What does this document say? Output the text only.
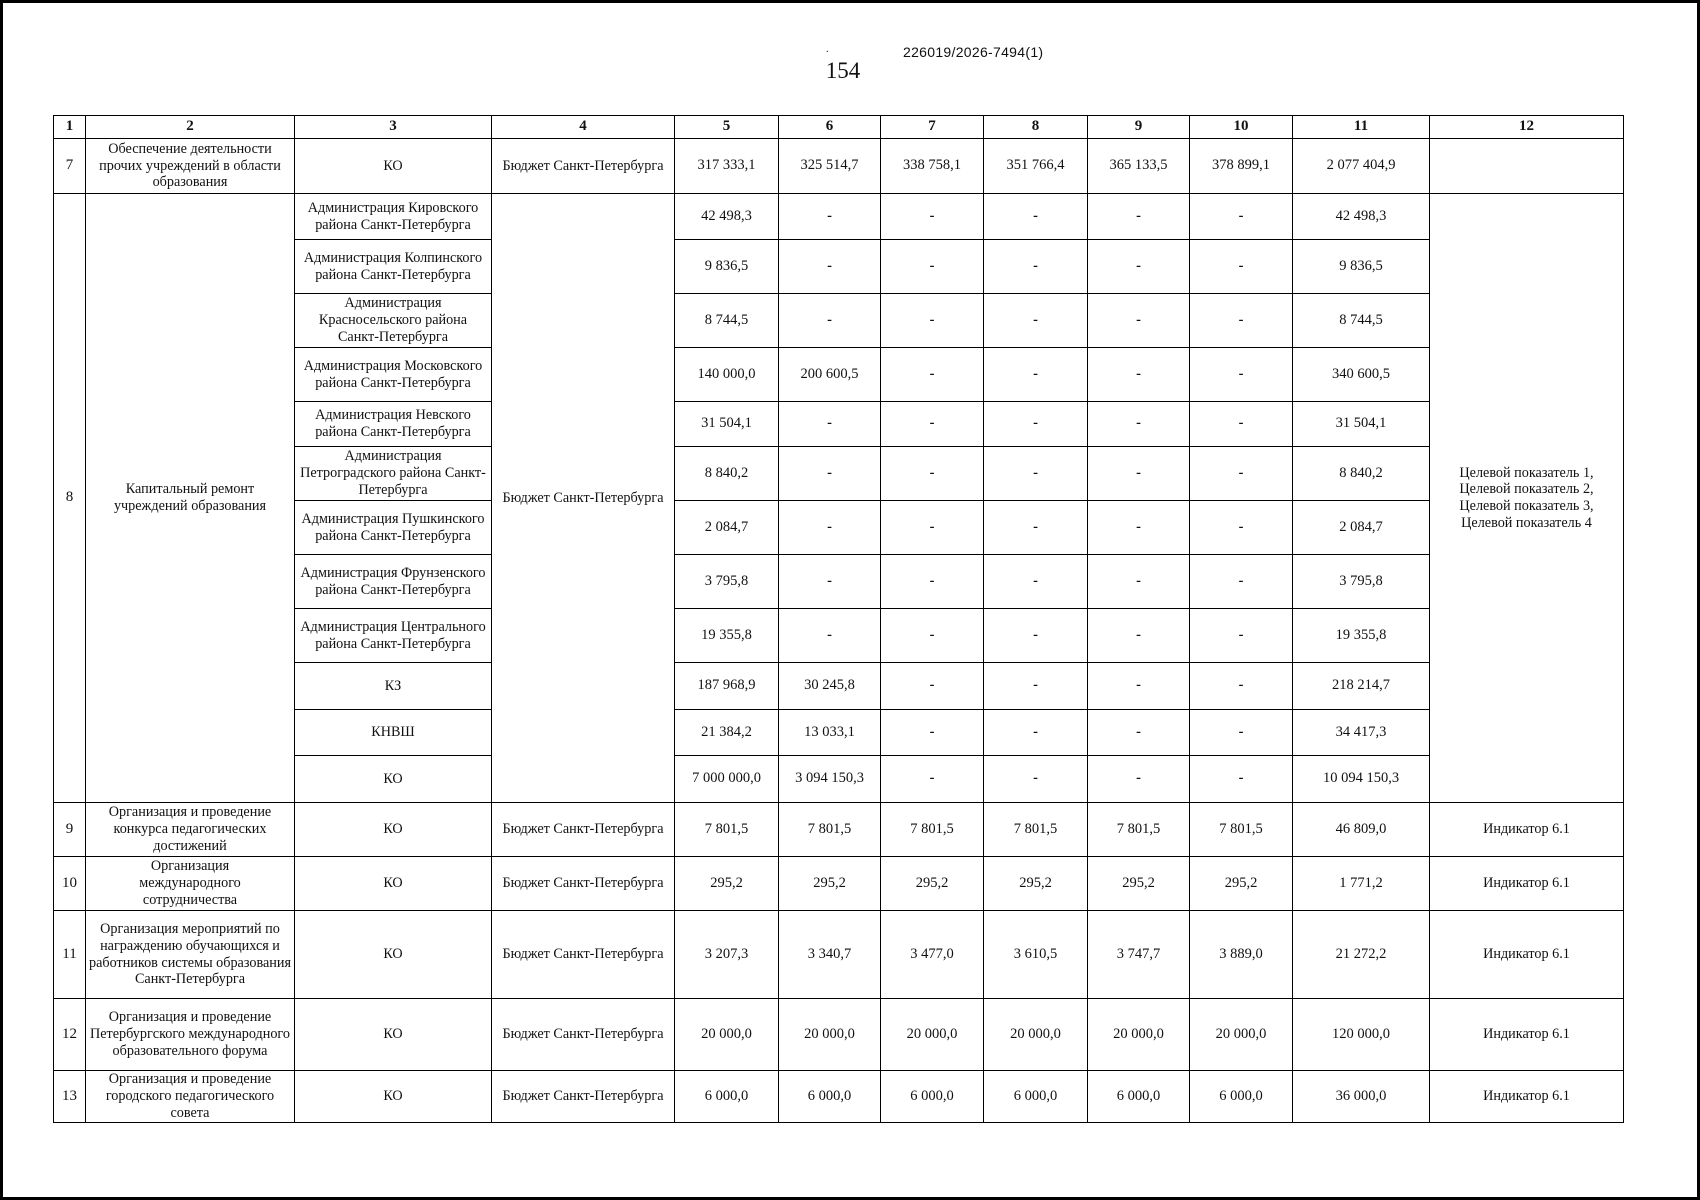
.	226019/2026-7494(1)
154
1	2	3	4	5	6	7	8	9	10	11	12
7	Обеспечение деятельности прочих учреждений в области образования	КО	Бюджет Санкт-Петербурга	317 333,1	325 514,7	338 758,1	351 766,4	365 133,5	378 899,1	2 077 404,9	
8	Капитальный ремонт учреждений образования	Администрация Кировского района Санкт-Петербурга	Бюджет Санкт-Петербурга	42 498,3	-	-	-	-	-	42 498,3	Целевой показатель 1, Целевой показатель 2, Целевой показатель 3, Целевой показатель 4
		Администрация Колпинского района Санкт-Петербурга		9 836,5	-	-	-	-	-	9 836,5	
		Администрация Красносельского района Санкт-Петербурга		8 744,5	-	-	-	-	-	8 744,5	
		Администрация Московского района Санкт-Петербурга		140 000,0	200 600,5	-	-	-	-	340 600,5	
		Администрация Невского района Санкт-Петербурга		31 504,1	-	-	-	-	-	31 504,1	
		Администрация Петроградского района Санкт-Петербурга		8 840,2	-	-	-	-	-	8 840,2	
		Администрация Пушкинского района Санкт-Петербурга		2 084,7	-	-	-	-	-	2 084,7	
		Администрация Фрунзенского района Санкт-Петербурга		3 795,8	-	-	-	-	-	3 795,8	
		Администрация Центрального района Санкт-Петербурга		19 355,8	-	-	-	-	-	19 355,8	
		КЗ		187 968,9	30 245,8	-	-	-	-	218 214,7	
		КНВШ		21 384,2	13 033,1	-	-	-	-	34 417,3	
		КО		7 000 000,0	3 094 150,3	-	-	-	-	10 094 150,3	
9	Организация и проведение конкурса педагогических достижений	КО	Бюджет Санкт-Петербурга	7 801,5	7 801,5	7 801,5	7 801,5	7 801,5	7 801,5	46 809,0	Индикатор 6.1
10	Организация международного сотрудничества	КО	Бюджет Санкт-Петербурга	295,2	295,2	295,2	295,2	295,2	295,2	1 771,2	Индикатор 6.1
11	Организация мероприятий по награждению обучающихся и работников системы образования Санкт-Петербурга	КО	Бюджет Санкт-Петербурга	3 207,3	3 340,7	3 477,0	3 610,5	3 747,7	3 889,0	21 272,2	Индикатор 6.1
12	Организация и проведение Петербургского международного образовательного форума	КО	Бюджет Санкт-Петербурга	20 000,0	20 000,0	20 000,0	20 000,0	20 000,0	20 000,0	120 000,0	Индикатор 6.1
13	Организация и проведение городского педагогического совета	КО	Бюджет Санкт-Петербурга	6 000,0	6 000,0	6 000,0	6 000,0	6 000,0	6 000,0	36 000,0	Индикатор 6.1
